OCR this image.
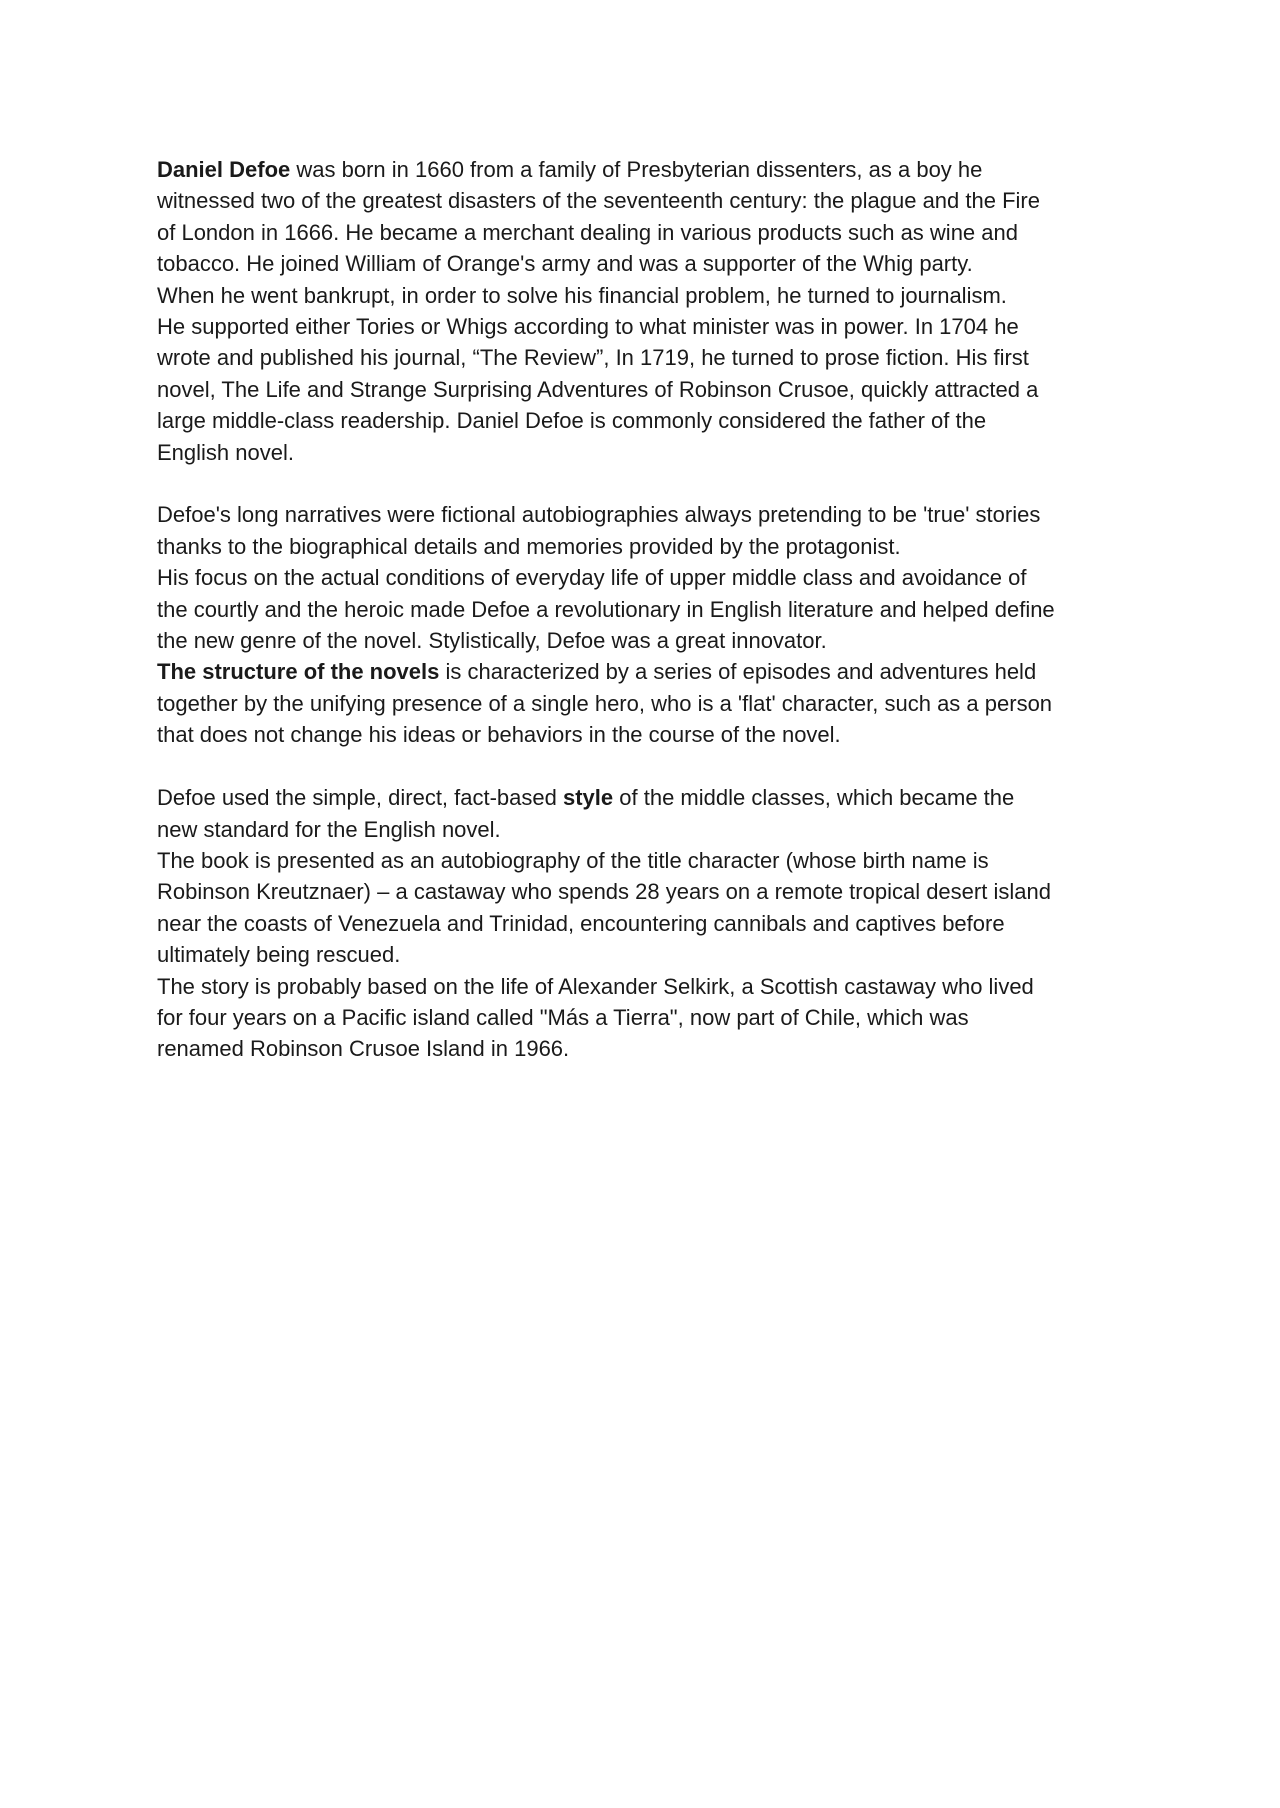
Daniel Defoe was born in 1660 from a family of Presbyterian dissenters, as a boy he
witnessed two of the greatest disasters of the seventeenth century: the plague and the Fire
of London in 1666. He became a merchant dealing in various products such as wine and
tobacco. He joined William of Orange's army and was a supporter of the Whig party.
When he went bankrupt, in order to solve his financial problem, he turned to journalism.
He supported either Tories or Whigs according to what minister was in power. In 1704 he
wrote and published his journal, “The Review”, In 1719, he turned to prose fiction. His first
novel, The Life and Strange Surprising Adventures of Robinson Crusoe, quickly attracted a
large middle-class readership. Daniel Defoe is commonly considered the father of the
English novel.

Defoe's long narratives were fictional autobiographies always pretending to be 'true' stories
thanks to the biographical details and memories provided by the protagonist.
His focus on the actual conditions of everyday life of upper middle class and avoidance of
the courtly and the heroic made Defoe a revolutionary in English literature and helped define
the new genre of the novel. Stylistically, Defoe was a great innovator.
The structure of the novels is characterized by a series of episodes and adventures held
together by the unifying presence of a single hero, who is a 'flat' character, such as a person
that does not change his ideas or behaviors in the course of the novel.

Defoe used the simple, direct, fact-based style of the middle classes, which became the
new standard for the English novel.
The book is presented as an autobiography of the title character (whose birth name is
Robinson Kreutznaer) – a castaway who spends 28 years on a remote tropical desert island
near the coasts of Venezuela and Trinidad, encountering cannibals and captives before
ultimately being rescued.
The story is probably based on the life of Alexander Selkirk, a Scottish castaway who lived
for four years on a Pacific island called "Más a Tierra", now part of Chile, which was
renamed Robinson Crusoe Island in 1966.
